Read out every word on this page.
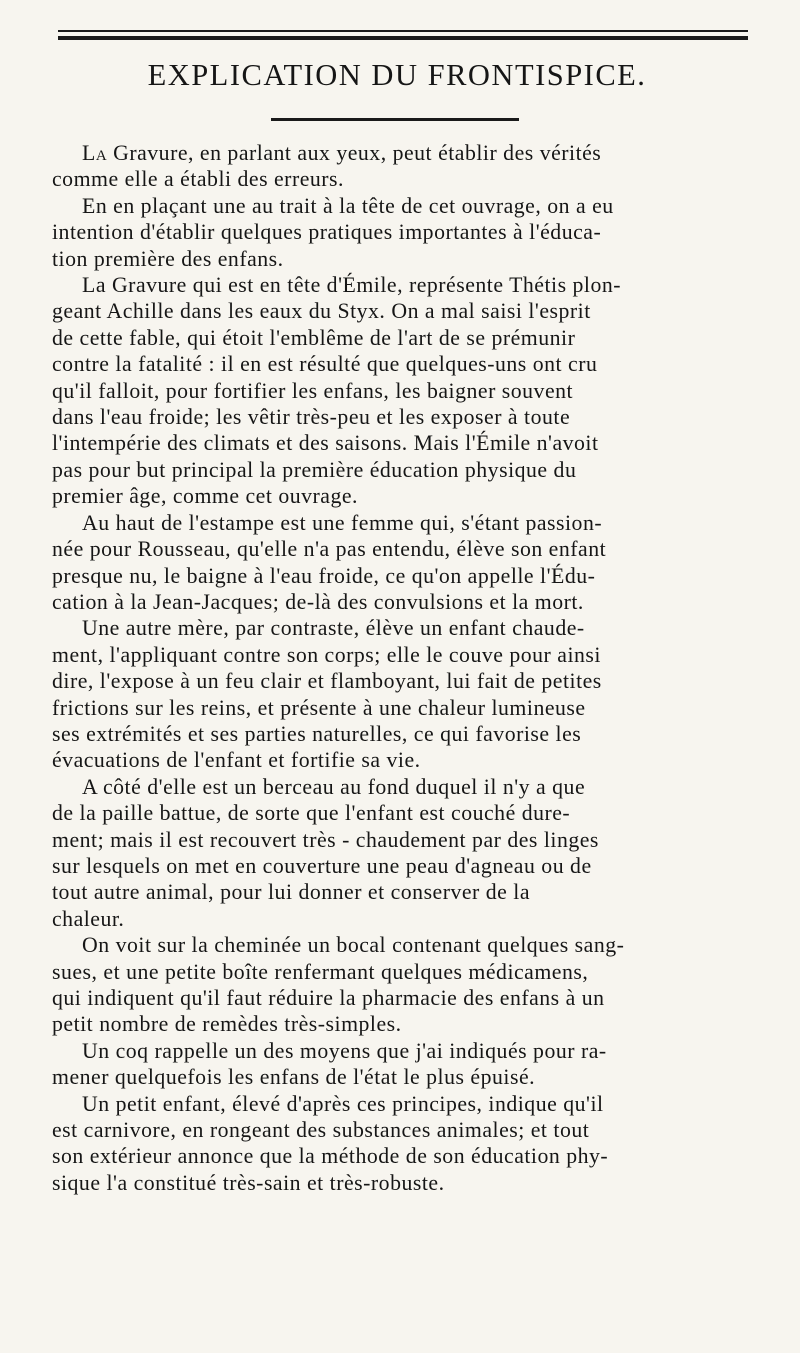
EXPLICATION DU FRONTISPICE.

La Gravure, en parlant aux yeux, peut établir des vérités
comme elle a établi des erreurs.

En en plaçant une au trait à la tête de cet ouvrage, on a eu
intention d'établir quelques pratiques importantes à l'éduca-
tion première des enfans.

La Gravure qui est en tête d'Émile, représente Thétis plon-
geant Achille dans les eaux du Styx. On a mal saisi l'esprit
de cette fable, qui étoit l'emblême de l'art de se prémunir
contre la fatalité : il en est résulté que quelques-uns ont cru
qu'il falloit, pour fortifier les enfans, les baigner souvent
dans l'eau froide; les vêtir très-peu et les exposer à toute
l'intempérie des climats et des saisons. Mais l'Émile n'avoit
pas pour but principal la première éducation physique du
premier âge, comme cet ouvrage.

Au haut de l'estampe est une femme qui, s'étant passion-
née pour Rousseau, qu'elle n'a pas entendu, élève son enfant
presque nu, le baigne à l'eau froide, ce qu'on appelle l'Édu-
cation à la Jean-Jacques; de-là des convulsions et la mort.

Une autre mère, par contraste, élève un enfant chaude-
ment, l'appliquant contre son corps; elle le couve pour ainsi
dire, l'expose à un feu clair et flamboyant, lui fait de petites
frictions sur les reins, et présente à une chaleur lumineuse
ses extrémités et ses parties naturelles, ce qui favorise les
évacuations de l'enfant et fortifie sa vie.

A côté d'elle est un berceau au fond duquel il n'y a que
de la paille battue, de sorte que l'enfant est couché dure-
ment; mais il est recouvert très - chaudement par des linges
sur lesquels on met en couverture une peau d'agneau ou de
tout autre animal, pour lui donner et conserver de la
chaleur.

On voit sur la cheminée un bocal contenant quelques sang-
sues, et une petite boîte renfermant quelques médicamens,
qui indiquent qu'il faut réduire la pharmacie des enfans à un
petit nombre de remèdes très-simples.

Un coq rappelle un des moyens que j'ai indiqués pour ra-
mener quelquefois les enfans de l'état le plus épuisé.

Un petit enfant, élevé d'après ces principes, indique qu'il
est carnivore, en rongeant des substances animales; et tout
son extérieur annonce que la méthode de son éducation phy-
sique l'a constitué très-sain et très-robuste.
